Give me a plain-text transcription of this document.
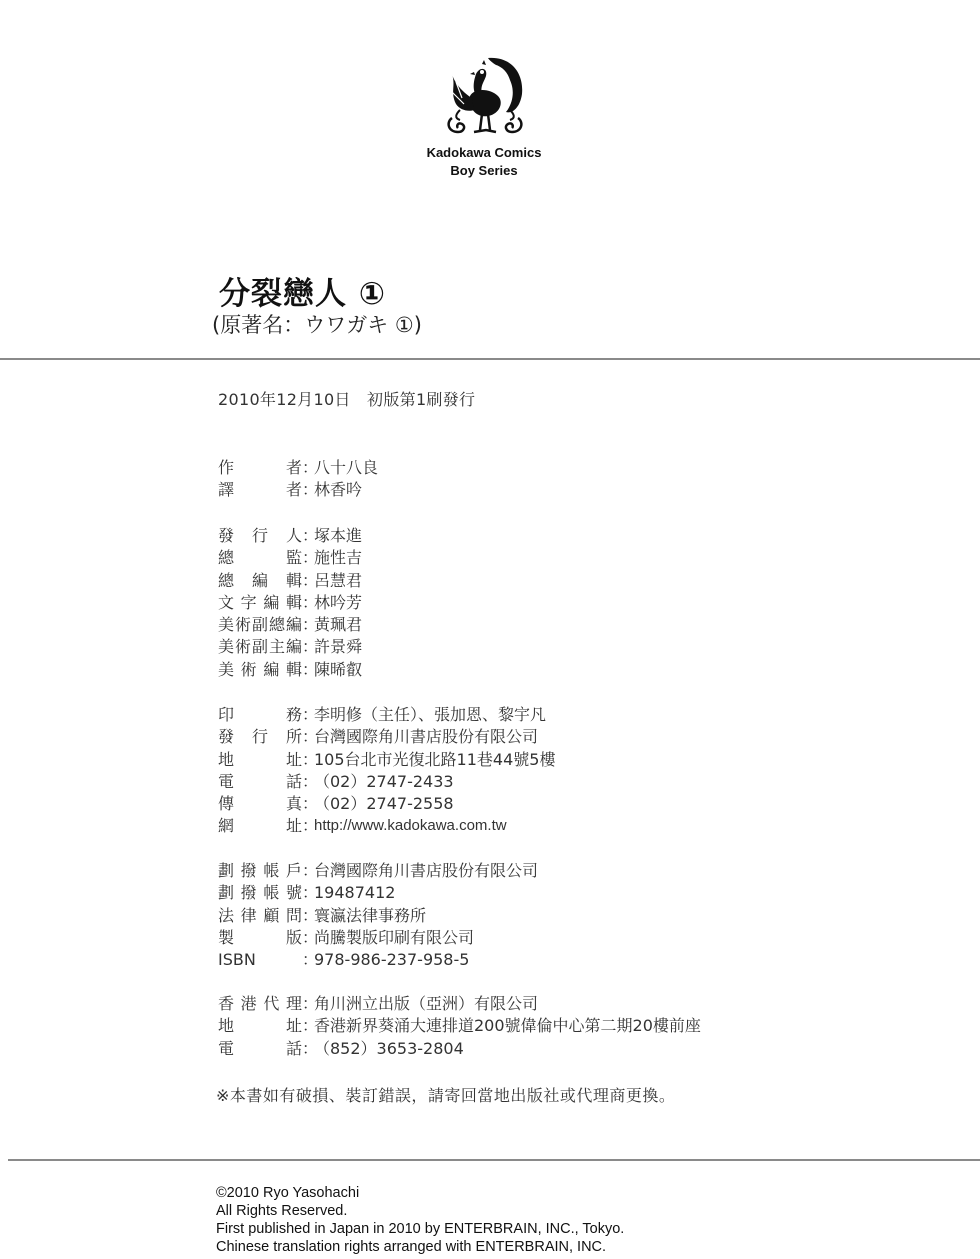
Kadokawa Comics
Boy Series
分裂戀人 ①
(原著名：ウワガキ ①)
2010年12月10日　初版第1刷發行
作　者 ：
八十八良
譯　者 ：
林香吟
發行人 ：
塚本進
總　監 ：
施性吉
總編輯 ：
呂慧君
文字編輯 ：
林吟芳
美術副總編 ：
黃珮君
美術副主編 ：
許景舜
美術編輯 ：
陳晞叡
印　務 ：
李明修（主任）、張加恩、黎宇凡
發行所 ：
台灣國際角川書店股份有限公司
地　址 ：
105台北市光復北路11巷44號5樓
電　話 ：
（02）2747-2433
傳　真 ：
（02）2747-2558
網　址 ：
http://www.kadokawa.com.tw
劃撥帳戶 ：
台灣國際角川書店股份有限公司
劃撥帳號 ：
19487412
法律顧問 ：
寰瀛法律事務所
製　版 ：
尚騰製版印刷有限公司
ISBN	：
978-986-237-958-5
香港代理 ：
角川洲立出版（亞洲）有限公司
地　址 ：
香港新界葵涌大連排道200號偉倫中心第二期20樓前座
電　話 ：
（852）3653-2804
※本書如有破損、裝訂錯誤，請寄回當地出版社或代理商更換。
©2010 Ryo Yasohachi
All Rights Reserved.
First published in Japan in 2010 by ENTERBRAIN, INC., Tokyo.
Chinese translation rights arranged with ENTERBRAIN, INC.
